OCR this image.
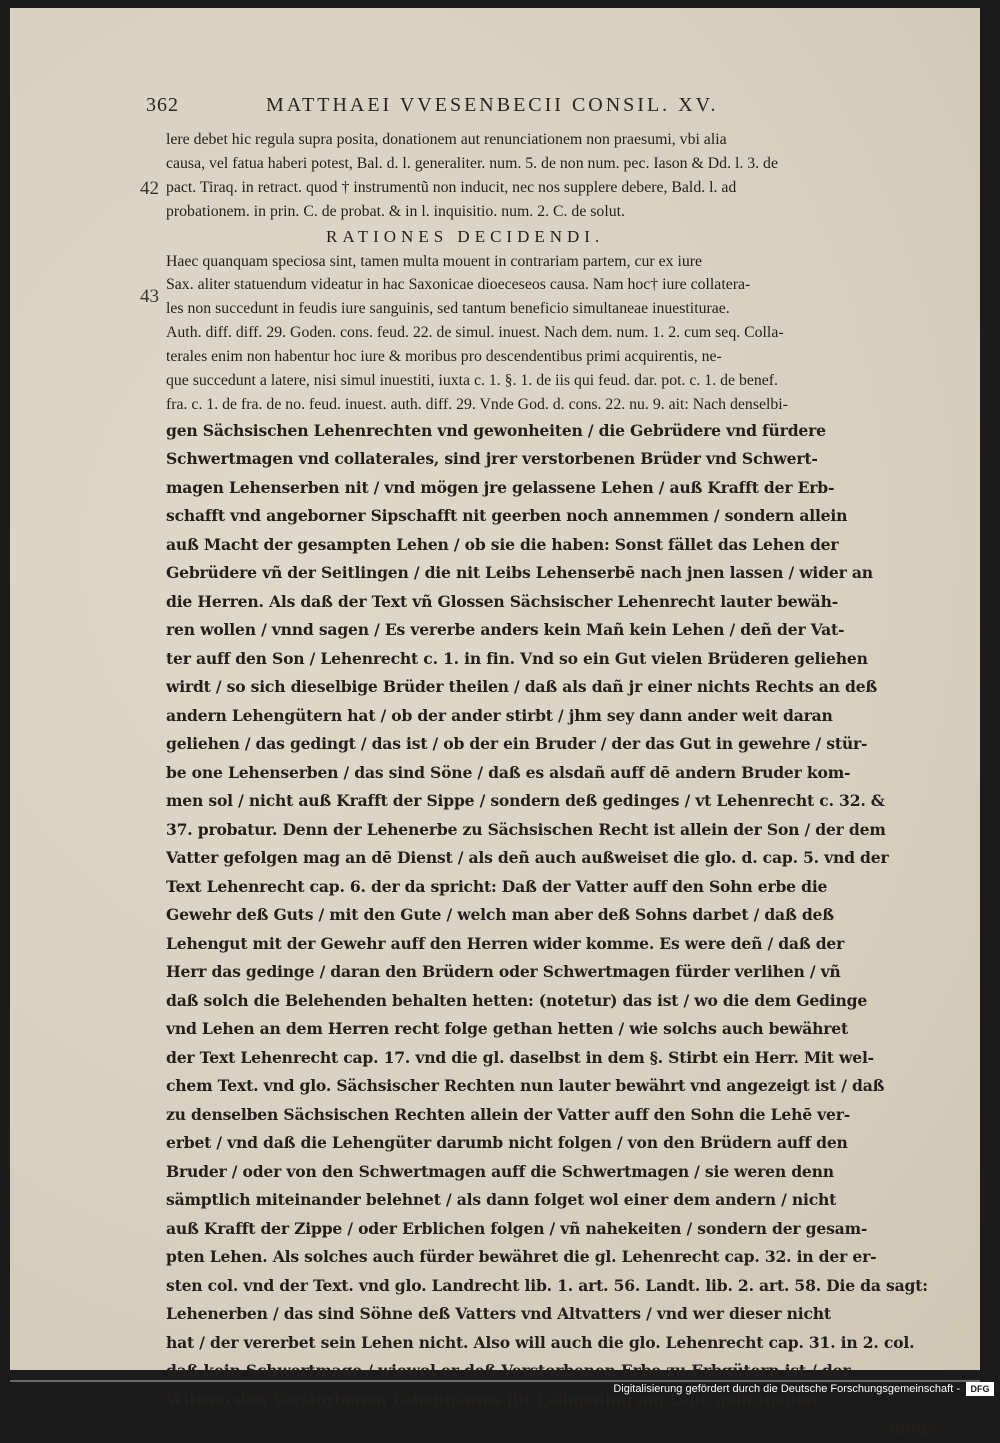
362	MATTHAEI VVESENBECII CONSIL. XV.
42
43
lere debet hic regula supra posita, donationem aut renunciationem non praesumi, vbi alia
causa, vel fatua haberi potest, Bal. d. l. generaliter. num. 5. de non num. pec. Iason & Dd. l. 3. de
pact. Tiraq. in retract. quod † instrumentũ non inducit, nec nos supplere debere, Bald. l. ad
probationem. in prin. C. de probat. & in l. inquisitio. num. 2. C. de solut.
RATIONES DECIDENDI.
Haec quanquam speciosa sint, tamen multa mouent in contrariam partem, cur ex iure
Sax. aliter statuendum videatur in hac Saxonicae dioeceseos causa. Nam hoc† iure collatera-
les non succedunt in feudis iure sanguinis, sed tantum beneficio simultaneae inuestiturae.
Auth. diff. diff. 29. Goden. cons. feud. 22. de simul. inuest. Nach dem. num. 1. 2. cum seq. Colla-
terales enim non habentur hoc iure & moribus pro descendentibus primi acquirentis, ne-
que succedunt a latere, nisi simul inuestiti, iuxta c. 1. §. 1. de iis qui feud. dar. pot. c. 1. de benef.
fra. c. 1. de fra. de no. feud. inuest. auth. diff. 29. Vnde God. d. cons. 22. nu. 9. ait: Nach denselbi-
gen Sächsischen Lehenrechten vnd gewonheiten / die Gebrüdere vnd fürdere
Schwertmagen vnd collaterales, sind jrer verstorbenen Brüder vnd Schwert-
magen Lehenserben nit / vnd mögen jre gelassene Lehen / auß Krafft der Erb-
schafft vnd angeborner Sipschafft nit geerben noch annemmen / sondern allein
auß Macht der gesampten Lehen / ob sie die haben: Sonst fället das Lehen der
Gebrüdere vñ der Seitlingen / die nit Leibs Lehenserbē nach jnen lassen / wider an
die Herren. Als daß der Text vñ Glossen Sächsischer Lehenrecht lauter bewäh-
ren wollen / vnnd sagen / Es vererbe anders kein Mañ kein Lehen / deñ der Vat-
ter auff den Son / Lehenrecht c. 1. in fin. Vnd so ein Gut vielen Brüderen geliehen
wirdt / so sich dieselbige Brüder theilen / daß als dañ jr einer nichts Rechts an deß
andern Lehengütern hat / ob der ander stirbt / jhm sey dann ander weit daran
geliehen / das gedingt / das ist / ob der ein Bruder / der das Gut in gewehre / stür-
be one Lehenserben / das sind Söne / daß es alsdañ auff dē andern Bruder kom-
men sol / nicht auß Krafft der Sippe / sondern deß gedinges / vt Lehenrecht c. 32. &
37. probatur. Denn der Lehenerbe zu Sächsischen Recht ist allein der Son / der dem
Vatter gefolgen mag an dē Dienst / als deñ auch außweiset die glo. d. cap. 5. vnd der
Text Lehenrecht cap. 6. der da spricht: Daß der Vatter auff den Sohn erbe die
Gewehr deß Guts / mit den Gute / welch man aber deß Sohns darbet / daß deß
Lehengut mit der Gewehr auff den Herren wider komme. Es were deñ / daß der
Herr das gedinge / daran den Brüdern oder Schwertmagen fürder verlihen / vñ
daß solch die Belehenden behalten hetten: (notetur) das ist / wo die dem Gedinge
vnd Lehen an dem Herren recht folge gethan hetten / wie solchs auch bewähret
der Text Lehenrecht cap. 17. vnd die gl. daselbst in dem §. Stirbt ein Herr. Mit wel-
chem Text. vnd glo. Sächsischer Rechten nun lauter bewährt vnd angezeigt ist / daß
zu denselben Sächsischen Rechten allein der Vatter auff den Sohn die Lehē ver-
erbet / vnd daß die Lehengüter darumb nicht folgen / von den Brüdern auff den
Bruder / oder von den Schwertmagen auff die Schwertmagen / sie weren denn
sämptlich miteinander belehnet / als dann folget wol einer dem andern / nicht
auß Krafft der Zippe / oder Erblichen folgen / vñ nahekeiten / sondern der gesam-
pten Lehen. Als solches auch fürder bewähret die gl. Lehenrecht cap. 32. in der er-
sten col. vnd der Text. vnd glo. Landrecht lib. 1. art. 56. Landt. lib. 2. art. 58. Die da sagt:
Lehenerben / das sind Söhne deß Vatters vnd Altvatters / vnd wer dieser nicht
hat / der vererbet sein Lehen nicht. Also will auch die glo. Lehenrecht cap. 31. in 2. col.
daß kein Schwertmage / wiewol er deß Verstorbenen Erbe zu Erbgütern ist / der
Witwen deß Verstorbenen Lehenmanns jhr Leibgeding am Lehē gebrauchen
mögs
Digitalisierung gefördert durch die Deutsche Forschungsgemeinschaft -	DFG
